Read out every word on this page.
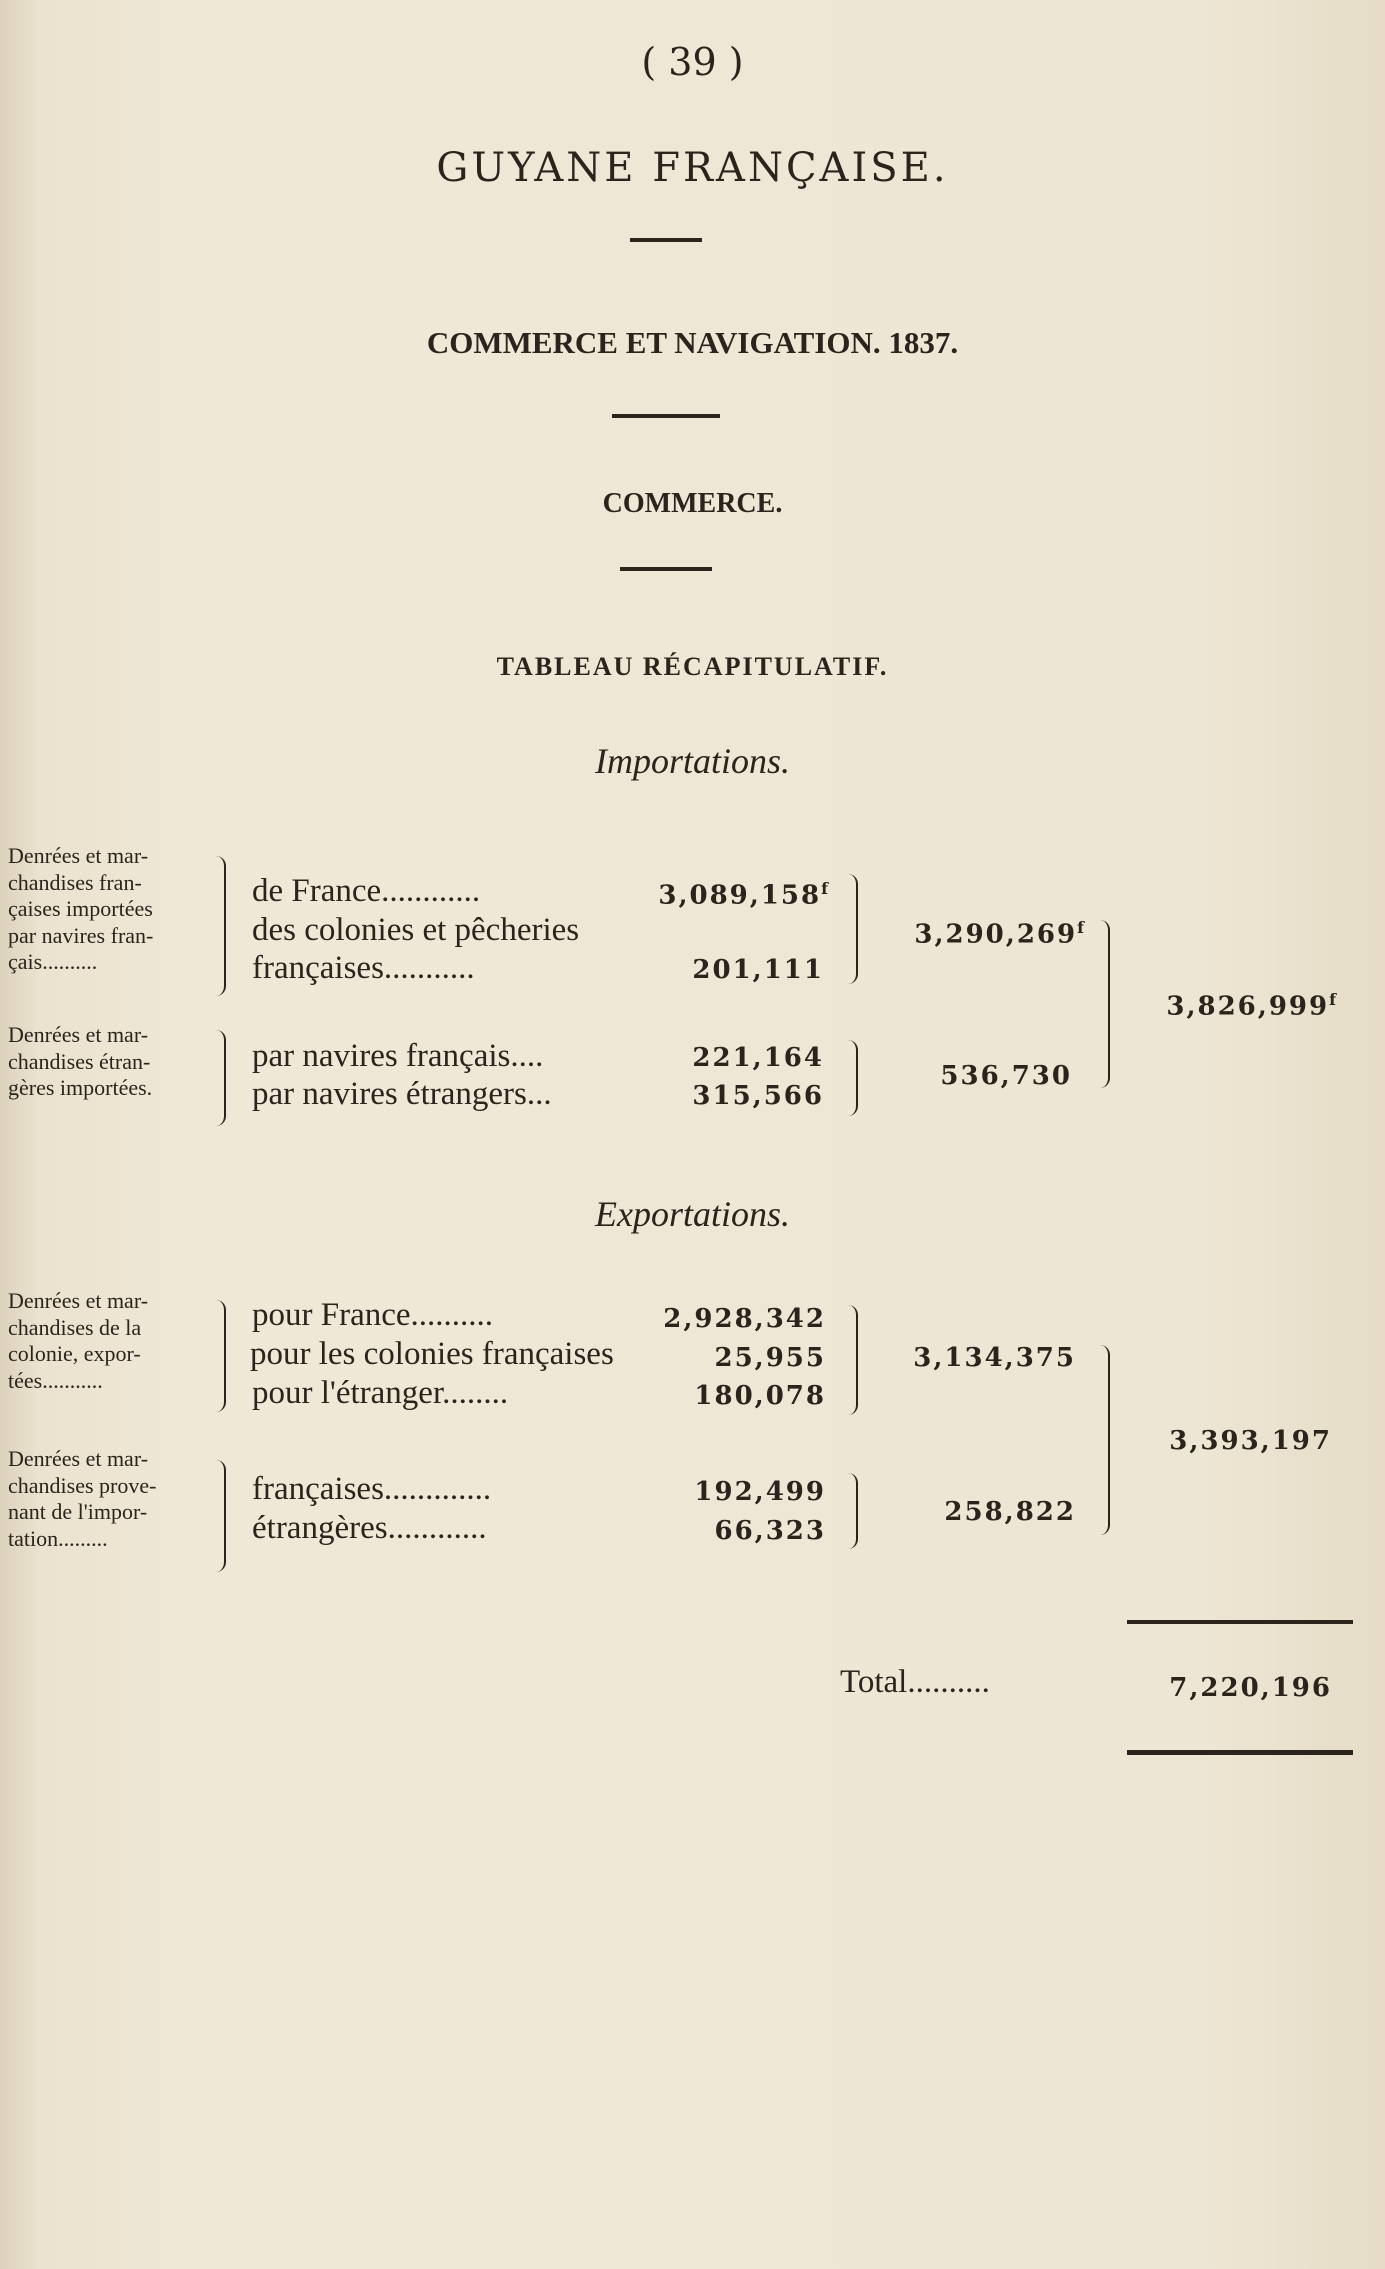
( 39 )
GUYANE FRANÇAISE.
COMMERCE ET NAVIGATION. 1837.
COMMERCE.
TABLEAU RÉCAPITULATIF.
Importations.
Denrées et mar-
chandises fran-
çaises importées
par navires fran-
çais..........
de France............
des colonies et pêcheries
françaises...........
3,089,158$^f$
201,111
3,290,269$^f$
Denrées et mar-
chandises étran-
gères importées.
par navires français....
par navires étrangers...
221,164
315,566
536,730
3,826,999$^f$
Exportations.
Denrées et mar-
chandises de la
colonie, expor-
tées...........
pour France..........
pour les colonies françaises
pour l'étranger........
2,928,342
25,955
180,078
3,134,375
Denrées et mar-
chandises prove-
nant de l'impor-
tation.........
françaises.............
étrangères............
192,499
66,323
258,822
3,393,197
Total..........	7,220,196
